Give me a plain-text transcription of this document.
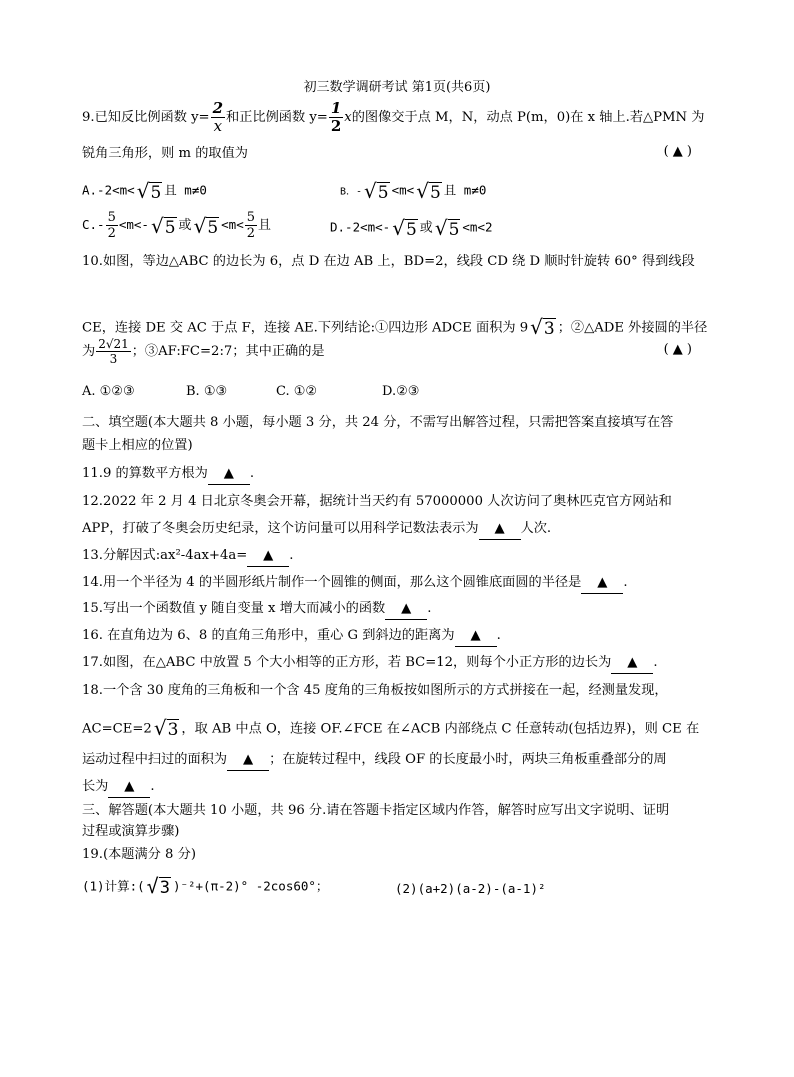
初三数学调研考试 第1页(共6页)
9.已知反比例函数 $y= \frac{2}{x}$ 和正比例函数 $y= \frac{1}{2}$ x的图像交于点 M，N，动点 P(m，0)在 x 轴上.若△PMN 为
锐角三角形，则 m 的取值为	( ▲ )
A.-2<m< √5 且 m≠0	B．- √5 <m< √5 且 m≠0
$C.- \frac{5}{2} <m<-$ √5 或 $√5 <m< \frac{5}{2}$ 且	D.-2<m<- √5 或 √5 <m<2
10.如图，等边△ABC 的边长为 6，点 D 在边 AB 上，BD=2，线段 CD 绕 D 顺时针旋转 60° 得到线段
CE，连接 DE 交 AC 于点 F，连接 AE.下列结论:①四边形 ADCE 面积为 9 √3 ；②△ADE 外接圆的半径
为 $\frac{2√21}{3}$ ；③AF:FC=2:7；其中正确的是	( ▲ )
A. ①②③	B. ①③	C. ①②	D.②③
二、填空题(本大题共 8 小题，每小题 3 分，共 24 分，不需写出解答过程，只需把答案直接填写在答
题卡上相应的位置)
11.9 的算数平方根为 ▲ .
12.2022 年 2 月 4 日北京冬奥会开幕，据统计当天约有 57000000 人次访问了奥林匹克官方网站和
APP，打破了冬奥会历史纪录，这个访问量可以用科学记数法表示为 ▲ 人次.
13.分解因式:ax²-4ax+4a= ▲ .
14.用一个半径为 4 的半圆形纸片制作一个圆锥的侧面，那么这个圆锥底面圆的半径是 ▲ .
15.写出一个函数值 y 随自变量 x 增大而减小的函数 ▲ .
16. 在直角边为 6、8 的直角三角形中，重心 G 到斜边的距离为 ▲ .
17.如图，在△ABC 中放置 5 个大小相等的正方形，若 BC=12，则每个小正方形的边长为 ▲ .
18.一个含 30 度角的三角板和一个含 45 度角的三角板按如图所示的方式拼接在一起，经测量发现，
AC=CE=2 √3 ，取 AB 中点 O，连接 OF.∠FCE 在∠ACB 内部绕点 C 任意转动(包括边界)，则 CE 在
运动过程中扫过的面积为 ▲ ；在旋转过程中，线段 OF 的长度最小时，两块三角板重叠部分的周
长为 ▲ .
三、解答题(本大题共 10 小题，共 96 分.请在答题卡指定区域内作答，解答时应写出文字说明、证明
过程或演算步骤)
19.(本题满分 8 分)
(1)计算:( √3 )⁻²+(π-2)° -2cos60°；	(2)(a+2)(a-2)-(a-1)²
